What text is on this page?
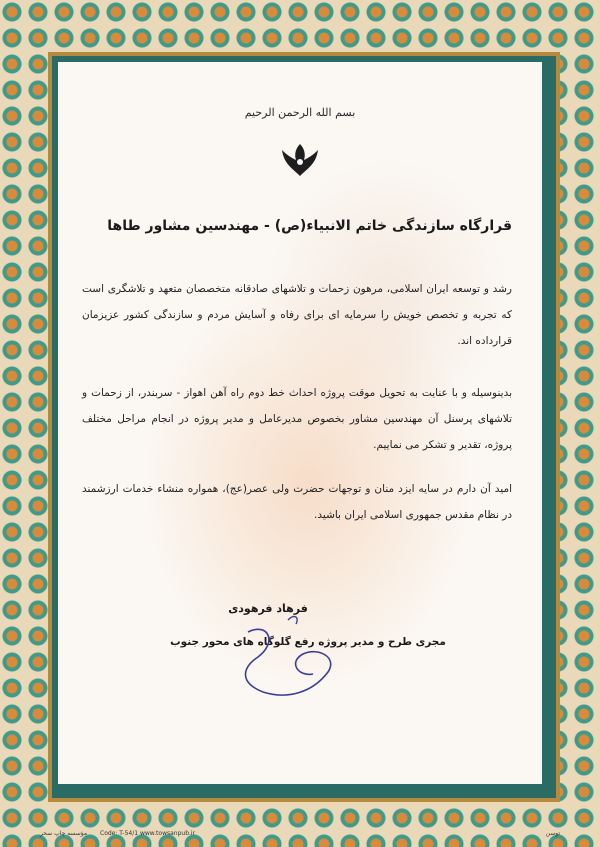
بسم الله الرحمن الرحیم
قرارگاه سازندگی خاتم الانبیاء(ص) - مهندسین مشاور طاها
رشد و توسعه ایران اسلامی، مرهون زحمات و تلاشهای صادقانه متخصصان متعهد و تلاشگری است که تجربه و تخصص خویش را سرمایه ای برای رفاه و آسایش مردم و سازندگی کشور عزیزمان قرارداده اند.
بدینوسیله و با عنایت به تحویل موقت پروژه احداث خط دوم راه آهن اهواز - سربندر، از زحمات و تلاشهای پرسنل آن مهندسین مشاور بخصوص مدیرعامل و مدیر پروژه در انجام مراحل مختلف پروژه، تقدیر و تشکر می نماییم.
امید آن دارم در سایه ایزد منان و توجهات حضرت ولی عصر(عج)، همواره منشاء خدمات ارزشمند در نظام مقدس جمهوری اسلامی ایران باشید.
فرهاد فرهودی
مجری طرح و مدیر پروژه رفع گلوگاه های محور جنوب
مؤسسه چاپ سحر Code: T-54/1 www.towsanpub.ir	توسن
